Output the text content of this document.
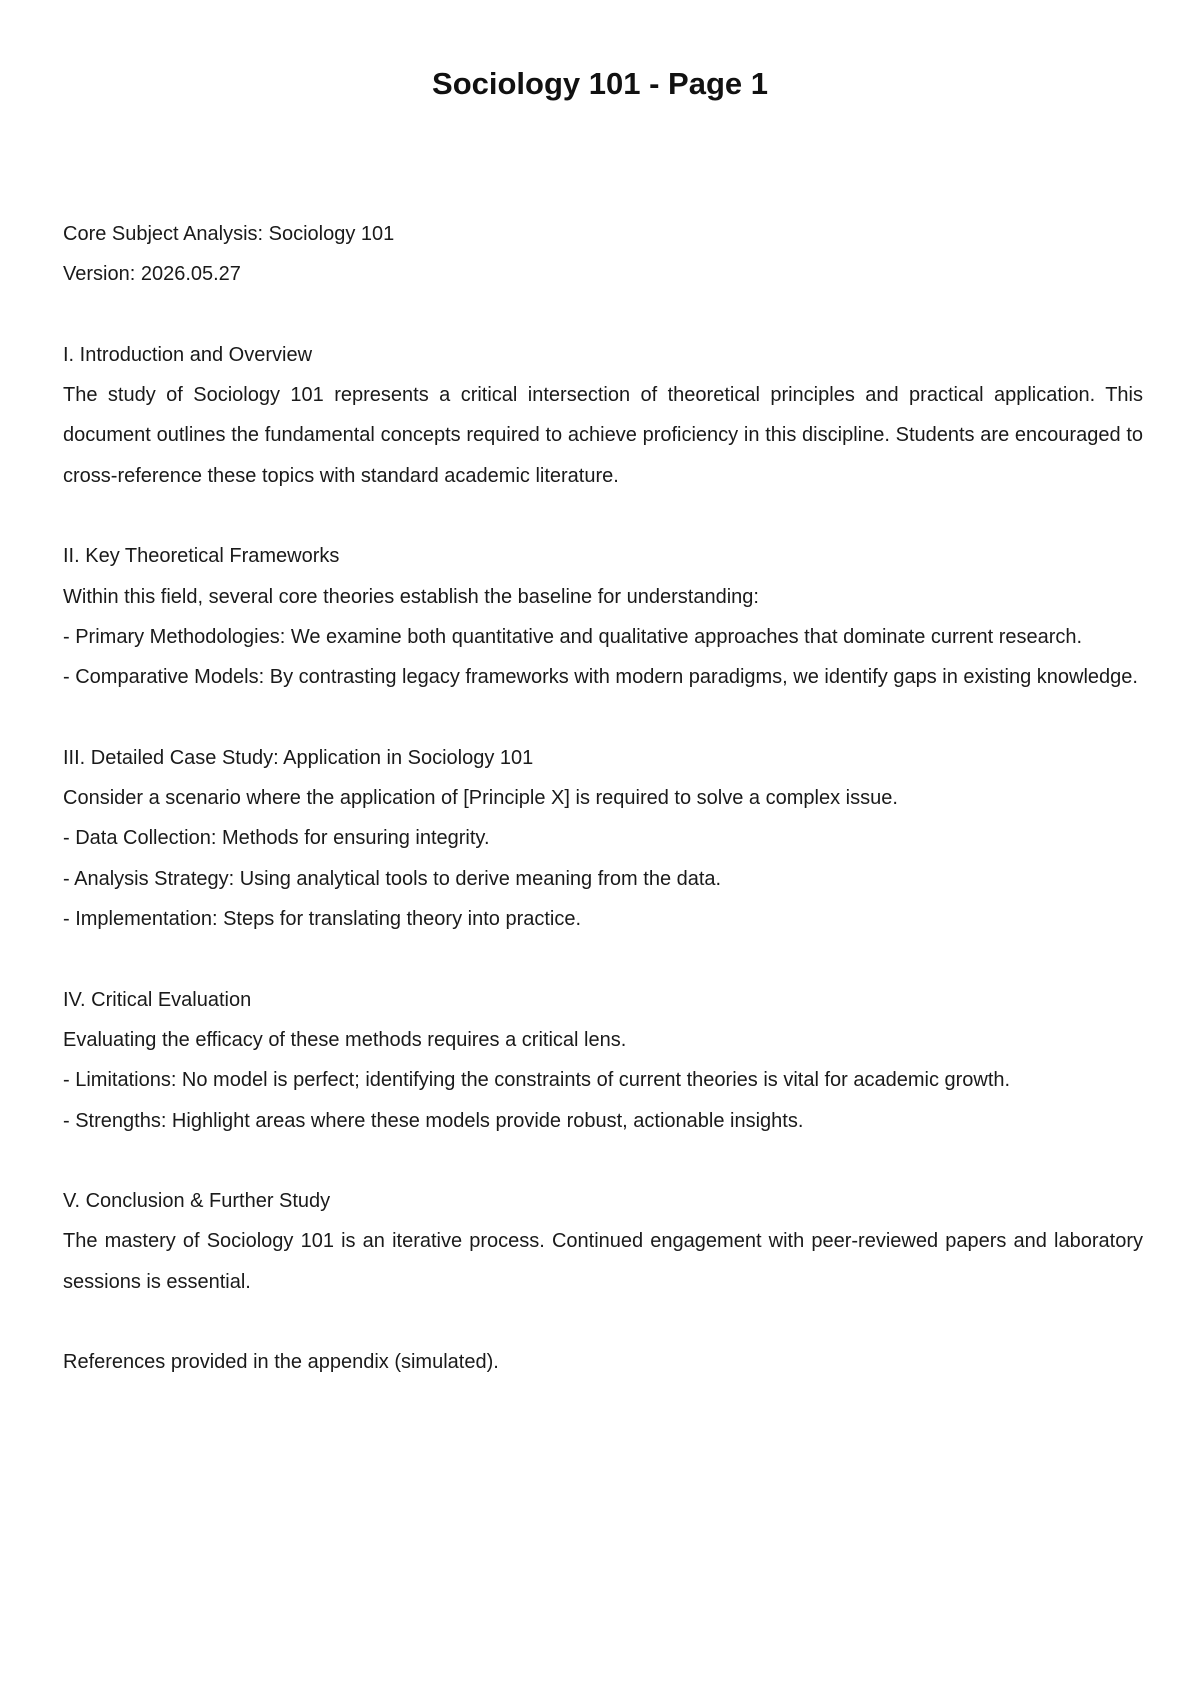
Sociology 101 - Page 1
Core Subject Analysis: Sociology 101
Version: 2026.05.27
I. Introduction and Overview
The study of Sociology 101 represents a critical intersection of theoretical principles and practical application. This document outlines the fundamental concepts required to achieve proficiency in this discipline. Students are encouraged to cross-reference these topics with standard academic literature.
II. Key Theoretical Frameworks
Within this field, several core theories establish the baseline for understanding:
- Primary Methodologies: We examine both quantitative and qualitative approaches that dominate current research.
- Comparative Models: By contrasting legacy frameworks with modern paradigms, we identify gaps in existing knowledge.
III. Detailed Case Study: Application in Sociology 101
Consider a scenario where the application of [Principle X] is required to solve a complex issue.
- Data Collection: Methods for ensuring integrity.
- Analysis Strategy: Using analytical tools to derive meaning from the data.
- Implementation: Steps for translating theory into practice.
IV. Critical Evaluation
Evaluating the efficacy of these methods requires a critical lens.
- Limitations: No model is perfect; identifying the constraints of current theories is vital for academic growth.
- Strengths: Highlight areas where these models provide robust, actionable insights.
V. Conclusion & Further Study
The mastery of Sociology 101 is an iterative process. Continued engagement with peer-reviewed papers and laboratory sessions is essential.
References provided in the appendix (simulated).
